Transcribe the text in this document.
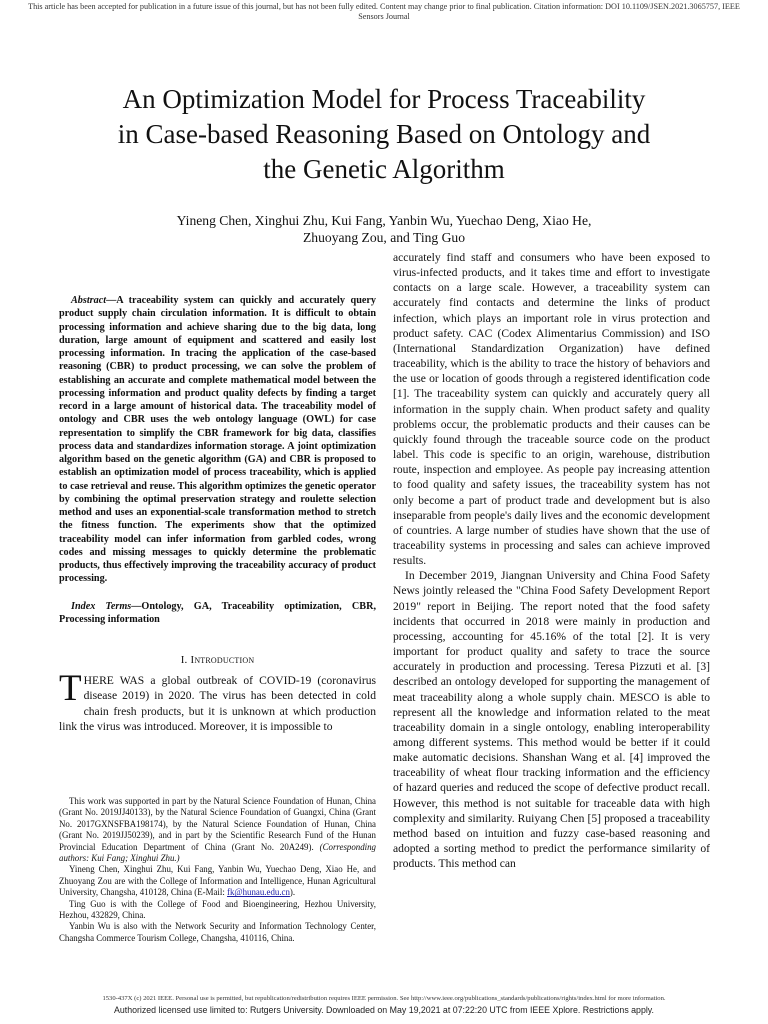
This article has been accepted for publication in a future issue of this journal, but has not been fully edited. Content may change prior to final publication. Citation information: DOI 10.1109/JSEN.2021.3065757, IEEE Sensors Journal
An Optimization Model for Process Traceability
in Case-based Reasoning Based on Ontology and
the Genetic Algorithm
Yineng Chen, Xinghui Zhu, Kui Fang, Yanbin Wu, Yuechao Deng, Xiao He,
Zhuoyang Zou, and Ting Guo

Abstract—A traceability system can quickly and accurately query product supply chain circulation information. It is difficult to obtain processing information and achieve sharing due to the big data, long duration, large amount of equipment and scattered and easily lost processing information. In tracing the application of the case-based reasoning (CBR) to product processing, we can solve the problem of establishing an accurate and complete mathematical model between the processing information and product quality defects by finding a target record in a large amount of historical data. The traceability model of ontology and CBR uses the web ontology language (OWL) for case representation to simplify the CBR framework for big data, classifies process data and standardizes information storage. A joint optimization algorithm based on the genetic algorithm (GA) and CBR is proposed to establish an optimization model of process traceability, which is applied to case retrieval and reuse. This algorithm optimizes the genetic operator by combining the optimal preservation strategy and roulette selection method and uses an exponential-scale transformation method to stretch the fitness function. The experiments show that the optimized traceability model can infer information from garbled codes, wrong codes and missing messages to quickly determine the problematic products, thus effectively improving the traceability accuracy of product processing.

Index Terms—Ontology, GA, Traceability optimization, CBR, Processing information

I. Introduction

THERE WAS a global outbreak of COVID-19 (coronavirus disease 2019) in 2020. The virus has been detected in cold chain fresh products, but it is unknown at which production link the virus was introduced. Moreover, it is impossible to

This work was supported in part by the Natural Science Foundation of Hunan, China (Grant No. 2019JJ40133), by the Natural Science Foundation of Guangxi, China (Grant No. 2017GXNSFBA198174), by the Natural Science Foundation of Hunan, China (Grant No. 2019JJ50239), and in part by the Scientific Research Fund of the Hunan Provincial Education Department of China (Grant No. 20A249). (Corresponding authors: Kui Fang; Xinghui Zhu.)

Yineng Chen, Xinghui Zhu, Kui Fang, Yanbin Wu, Yuechao Deng, Xiao He, and Zhuoyang Zou are with the College of Information and Intelligence, Hunan Agricultural University, Changsha, 410128, China (E-Mail: fk@hunau.edu.cn).

Ting Guo is with the College of Food and Bioengineering, Hezhou University, Hezhou, 432829, China.

Yanbin Wu is also with the Network Security and Information Technology Center, Changsha Commerce Tourism College, Changsha, 410116, China.

accurately find staff and consumers who have been exposed to virus-infected products, and it takes time and effort to investigate contacts on a large scale. However, a traceability system can accurately find contacts and determine the links of product infection, which plays an important role in virus protection and product safety. CAC (Codex Alimentarius Commission) and ISO (International Standardization Organization) have defined traceability, which is the ability to trace the history of behaviors and the use or location of goods through a registered identification code [1]. The traceability system can quickly and accurately query all information in the supply chain. When product safety and quality problems occur, the problematic products and their causes can be quickly found through the traceable source code on the product label. This code is specific to an origin, warehouse, distribution route, inspection and employee. As people pay increasing attention to food quality and safety issues, the traceability system has not only become a part of product trade and development but is also inseparable from people's daily lives and the economic development of countries. A large number of studies have shown that the use of traceability systems in processing and sales can achieve improved results.

In December 2019, Jiangnan University and China Food Safety News jointly released the "China Food Safety Development Report 2019" report in Beijing. The report noted that the food safety incidents that occurred in 2018 were mainly in production and processing, accounting for 45.16% of the total [2]. It is very important for product quality and safety to trace the source accurately in production and processing. Teresa Pizzuti et al. [3] described an ontology developed for supporting the management of meat traceability along a whole supply chain. MESCO is able to represent all the knowledge and information related to the meat traceability domain in a single ontology, enabling interoperability among different systems. This method would be better if it could make automatic decisions. Shanshan Wang et al. [4] improved the traceability of wheat flour tracking information and the efficiency of hazard queries and reduced the scope of defective product recall. However, this method is not suitable for traceable data with high complexity and similarity. Ruiyang Chen [5] proposed a traceability method based on intuition and fuzzy case-based reasoning and adopted a sorting method to predict the performance similarity of products. This method can

1530-437X (c) 2021 IEEE. Personal use is permitted, but republication/redistribution requires IEEE permission. See http://www.ieee.org/publications_standards/publications/rights/index.html for more information.
Authorized licensed use limited to: Rutgers University. Downloaded on May 19,2021 at 07:22:20 UTC from IEEE Xplore. Restrictions apply.
